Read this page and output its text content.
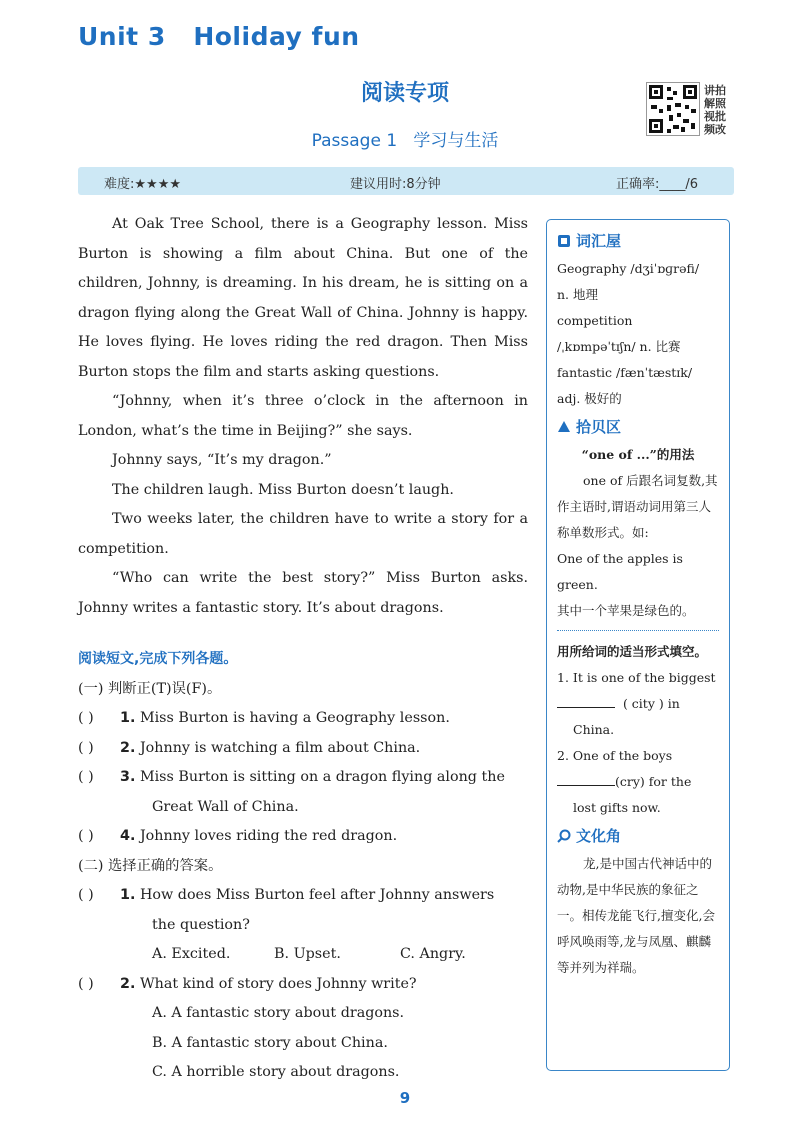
Unit 3   Holiday fun
阅读专项
Passage 1   学习与生活
讲拍解照视批频改
难度:★★★★	建议用时:8分钟	正确率:____/6

At Oak Tree School, there is a Geography lesson. Miss Burton is showing a film about China. But one of the children, Johnny, is dreaming. In his dream, he is sitting on a dragon flying along the Great Wall of China. Johnny is happy. He loves flying. He loves riding the red dragon. Then Miss Burton stops the film and starts asking questions.

“Johnny, when it’s three o’clock in the afternoon in London, what’s the time in Beijing?” she says.

Johnny says, “It’s my dragon.”

The children laugh. Miss Burton doesn’t laugh.

Two weeks later, the children have to write a story for a competition.

“Who can write the best story?” Miss Burton asks. Johnny writes a fantastic story. It’s about dragons.

阅读短文,完成下列各题。
(一) 判断正(T)误(F)。
( ) 1. Miss Burton is having a Geography lesson.
( ) 2. Johnny is watching a film about China.
( ) 3. Miss Burton is sitting on a dragon flying along the
Great Wall of China.
( ) 4. Johnny loves riding the red dragon.
(二) 选择正确的答案。
( ) 1. How does Miss Burton feel after Johnny answers
the question?
A. Excited.	B. Upset.	C. Angry.
( ) 2. What kind of story does Johnny write?
A. A fantastic story about dragons.
B. A fantastic story about China.
C. A horrible story about dragons.
词汇屋
Geography /dʒiˈɒɡrəfi/
n. 地理
competition
/ˌkɒmpəˈtɪʃn/ n. 比赛
fantastic /fænˈtæstɪk/
adj. 极好的
拾贝区
“one of ...”的用法

one of 后跟名词复数,其作主语时,谓语动词用第三人称单数形式。如:

One of the apples is green.
其中一个苹果是绿色的。
用所给词的适当形式填空。
1. It is one of the biggest
( city ) in
China.
2. One of the boys
(cry) for the
lost gifts now.
文化角

龙,是中国古代神话中的动物,是中华民族的象征之一。相传龙能飞行,擅变化,会呼风唤雨等,龙与凤凰、麒麟等并列为祥瑞。

9
